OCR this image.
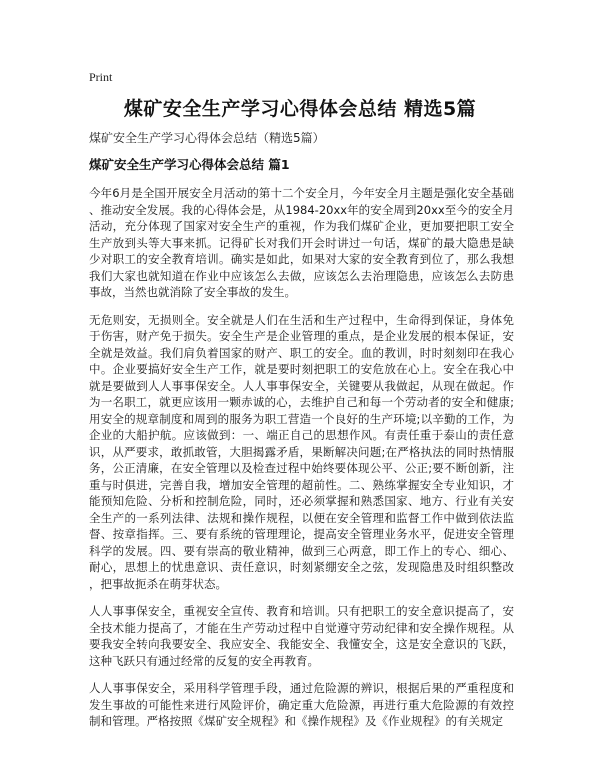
Print
煤矿安全生产学习心得体会总结 精选5篇
煤矿安全生产学习心得体会总结（精选5篇）
煤矿安全生产学习心得体会总结 篇1

今年6月是全国开展安全月活动的第十二个安全月，今年安全月主题是强化安全基础、推动安全发展。我的心得体会是，从1984-20xx年的安全周到20xx至今的安全月活动，充分体现了国家对安全生产的重视，作为我们煤矿企业，更加要把职工安全生产放到头等大事来抓。记得矿长对我们开会时讲过一句话，煤矿的最大隐患是缺少对职工的安全教育培训。确实是如此，如果对大家的安全教育到位了，那么我想我们大家也就知道在作业中应该怎么去做，应该怎么去治理隐患，应该怎么去防患事故，当然也就消除了安全事故的发生。

无危则安，无损则全。安全就是人们在生活和生产过程中，生命得到保证，身体免于伤害，财产免于损失。安全生产是企业管理的重点，是企业发展的根本保证，安全就是效益。我们肩负着国家的财产、职工的安全。血的教训，时时刻刻印在我心中。企业要搞好安全生产工作，就是要时刻把职工的安危放在心上。安全在我心中就是要做到人人事事保安全。人人事事保安全，关键要从我做起，从现在做起。作为一名职工，就更应该用一颗赤诚的心，去维护自己和每一个劳动者的安全和健康;用安全的规章制度和周到的服务为职工营造一个良好的生产环境;以辛勤的工作，为企业的大船护航。应该做到：一、端正自己的思想作风。有责任重于泰山的责任意识，从严要求，敢抓敢管，大胆揭露矛盾，果断解决问题;在严格执法的同时热情服务，公正清廉，在安全管理以及检查过程中始终要体现公平、公正;要不断创新，注重与时俱进，完善自我，增加安全管理的超前性。二、熟练掌握安全专业知识，才能预知危险、分析和控制危险，同时，还必须掌握和熟悉国家、地方、行业有关安全生产的一系列法律、法规和操作规程，以便在安全管理和监督工作中做到依法监督、按章指挥。三、要有系统的管理理论，提高安全管理业务水平，促进安全管理科学的发展。四、要有崇高的敬业精神，做到三心两意，即工作上的专心、细心、耐心，思想上的忧患意识、责任意识，时刻紧绷安全之弦，发现隐患及时组织整改，把事故扼杀在萌芽状态。

人人事事保安全，重视安全宣传、教育和培训。只有把职工的安全意识提高了，安全技术能力提高了，才能在生产劳动过程中自觉遵守劳动纪律和安全操作规程。从要我安全转向我要安全、我应安全、我能安全、我懂安全，这是安全意识的飞跃，这种飞跃只有通过经常的反复的安全再教育。

人人事事保安全，采用科学管理手段，通过危险源的辨识，根据后果的严重程度和发生事故的可能性来进行风险评价，确定重大危险源，再进行重大危险源的有效控制和管理。严格按照《煤矿安全规程》和《操作规程》及《作业规程》的有关规定
